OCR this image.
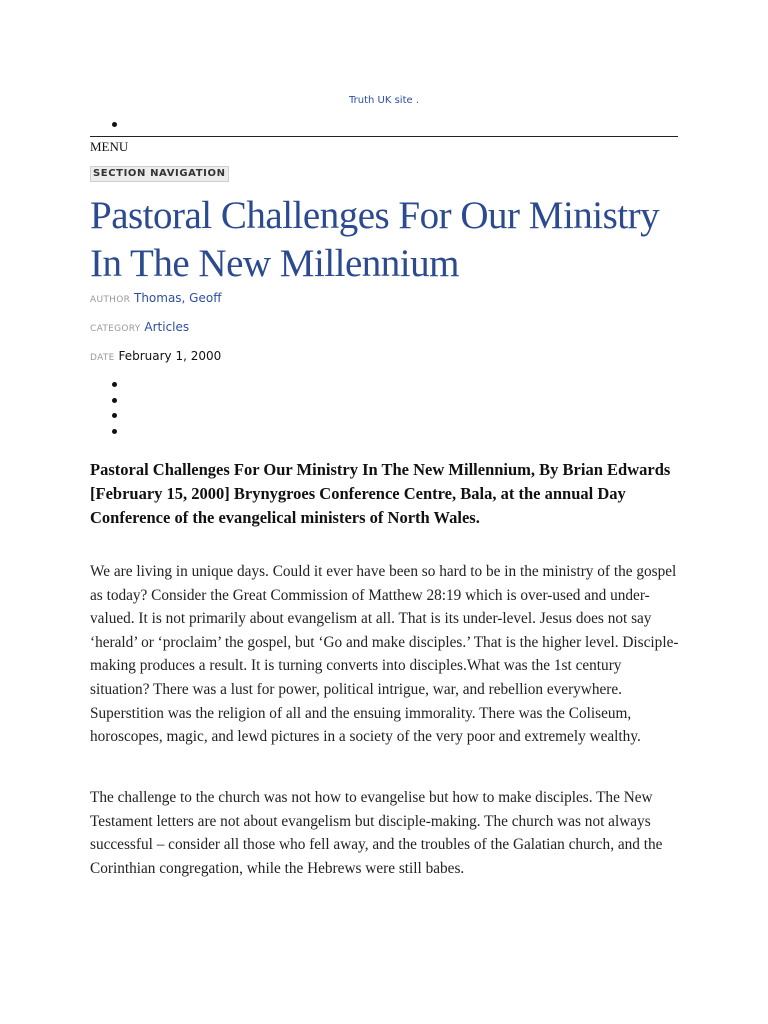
Truth UK site .
MENU
SECTION NAVIGATION
Pastoral Challenges For Our Ministry In The New Millennium
AUTHOR Thomas, Geoff
CATEGORY Articles
DATE February 1, 2000

Pastoral Challenges For Our Ministry In The New Millennium, By Brian Edwards [February 15, 2000] Brynygroes Conference Centre, Bala, at the annual Day Conference of the evangelical ministers of North Wales.

We are living in unique days. Could it ever have been so hard to be in the ministry of the gospel as today? Consider the Great Commission of Matthew 28:19 which is over-used and under-valued. It is not primarily about evangelism at all. That is its under-level. Jesus does not say ‘herald’ or ‘proclaim’ the gospel, but ‘Go and make disciples.’ That is the higher level. Disciple-making produces a result. It is turning converts into disciples.What was the 1st century situation? There was a lust for power, political intrigue, war, and rebellion everywhere. Superstition was the religion of all and the ensuing immorality. There was the Coliseum, horoscopes, magic, and lewd pictures in a society of the very poor and extremely wealthy.

The challenge to the church was not how to evangelise but how to make disciples. The New Testament letters are not about evangelism but disciple-making. The church was not always successful – consider all those who fell away, and the troubles of the Galatian church, and the Corinthian congregation, while the Hebrews were still babes.
